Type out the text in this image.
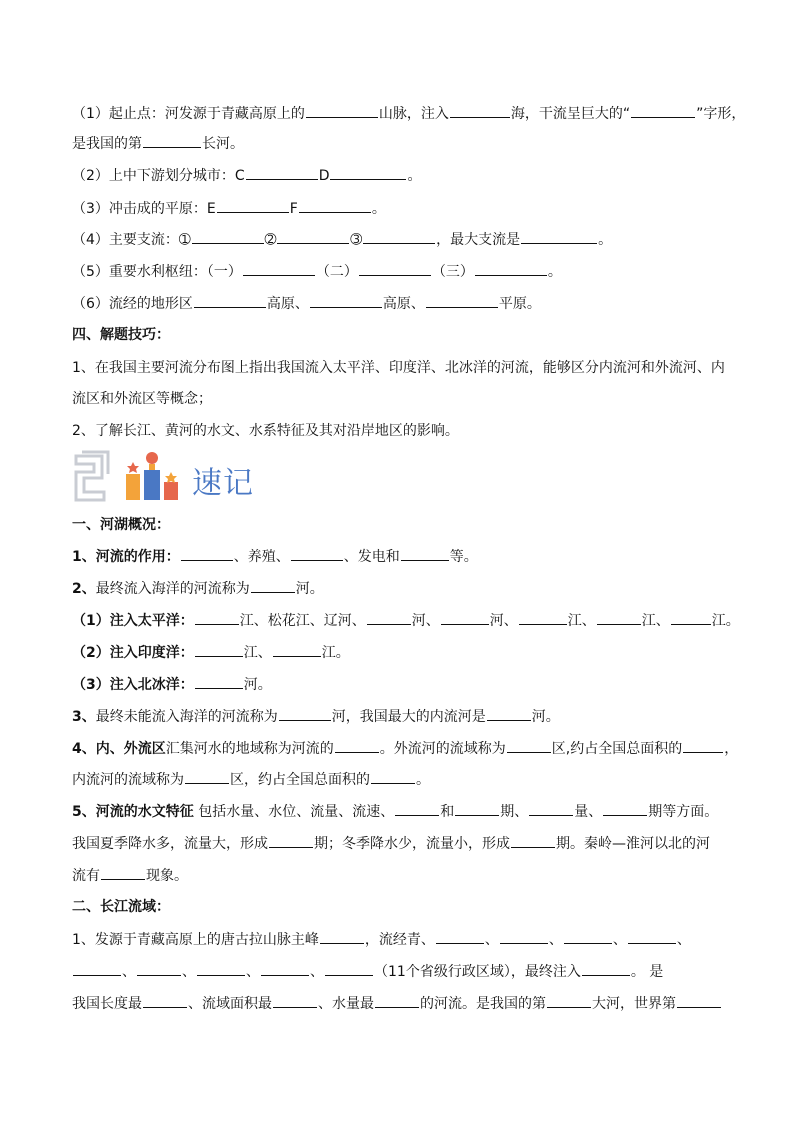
（1）起止点：河发源于青藏高原上的	山脉，注入	海，干流呈巨大的“	”字形，
是我国的第	长河。
（2）上中下游划分城市：C	D	。
（3）冲击成的平原：E	F	。
（4）主要支流：➀	➁	➂	，最大支流是	。
（5）重要水利枢纽：（一）	（二）	（三）	。
（6）流经的地形区	高原、	高原、	平原。
四、解题技巧：
1、在我国主要河流分布图上指出我国流入太平洋、印度洋、北冰洋的河流，能够区分内流河和外流河、内
流区和外流区等概念；
2、了解长江、黄河的水文、水系特征及其对沿岸地区的影响。
速记
一、河湖概况：
1、河流的作用：	、养殖、	、发电和	等。
2、最终流入海洋的河流称为	河。
（1）注入太平洋：	江、松花江、辽河、	河、	河、	江、	江、	江。
（2）注入印度洋：	江、	江。
（3）注入北冰洋：	河。
3、最终未能流入海洋的河流称为	河，我国最大的内流河是	河。
4、内、外流区汇集河水的地域称为河流的	。外流河的流域称为	区,约占全国总面积的	，
内流河的流域称为	区，约占全国总面积的	。
5、河流的水文特征 包括水量、水位、流量、流速、	和	期、	量、	期等方面。
我国夏季降水多，流量大，形成	期；冬季降水少，流量小，形成	期。秦岭—淮河以北的河
流有	现象。
二、长江流域：
1、发源于青藏高原上的唐古拉山脉主峰	，流经青、	、	、	、	、
、	、	、	、	（11个省级行政区域），最终注入	。 是
我国长度最	、流域面积最	、水量最	的河流。是我国的第	大河，世界第
